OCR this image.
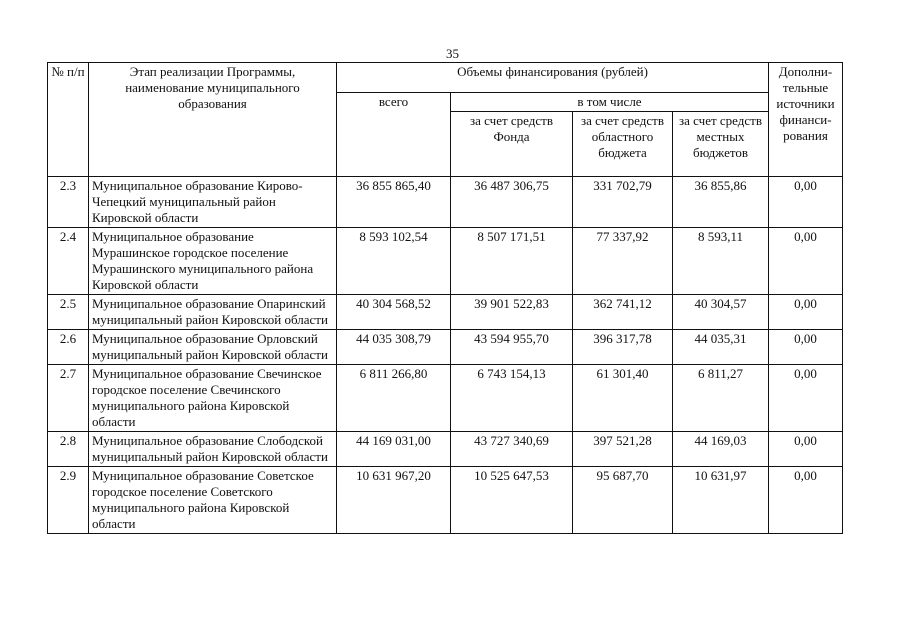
35
№ п/п	Этап реализации Программы, наименование муниципального образования	Объемы финансирования (рублей)				Дополни-тельные источники финанси-рования
		всего	в том числе			
			за счет средств Фонда	за счет средств областного бюджета	за счет средств местных бюджетов	
2.3	Муниципальное образование Кирово-Чепецкий муниципальный район Кировской области	36 855 865,40	36 487 306,75	331 702,79	36 855,86	0,00
2.4	Муниципальное образование Мурашинское городское поселение Мурашинского муниципального района Кировской области	8 593 102,54	8 507 171,51	77 337,92	8 593,11	0,00
2.5	Муниципальное образование Опаринский муниципальный район Кировской области	40 304 568,52	39 901 522,83	362 741,12	40 304,57	0,00
2.6	Муниципальное образование Орловский муниципальный район Кировской области	44 035 308,79	43 594 955,70	396 317,78	44 035,31	0,00
2.7	Муниципальное образование Свечинское городское поселение Свечинского муниципального района Кировской области	6 811 266,80	6 743 154,13	61 301,40	6 811,27	0,00
2.8	Муниципальное образование Слободской муниципальный район Кировской области	44 169 031,00	43 727 340,69	397 521,28	44 169,03	0,00
2.9	Муниципальное образование Советское городское поселение Советского муниципального района Кировской области	10 631 967,20	10 525 647,53	95 687,70	10 631,97	0,00
